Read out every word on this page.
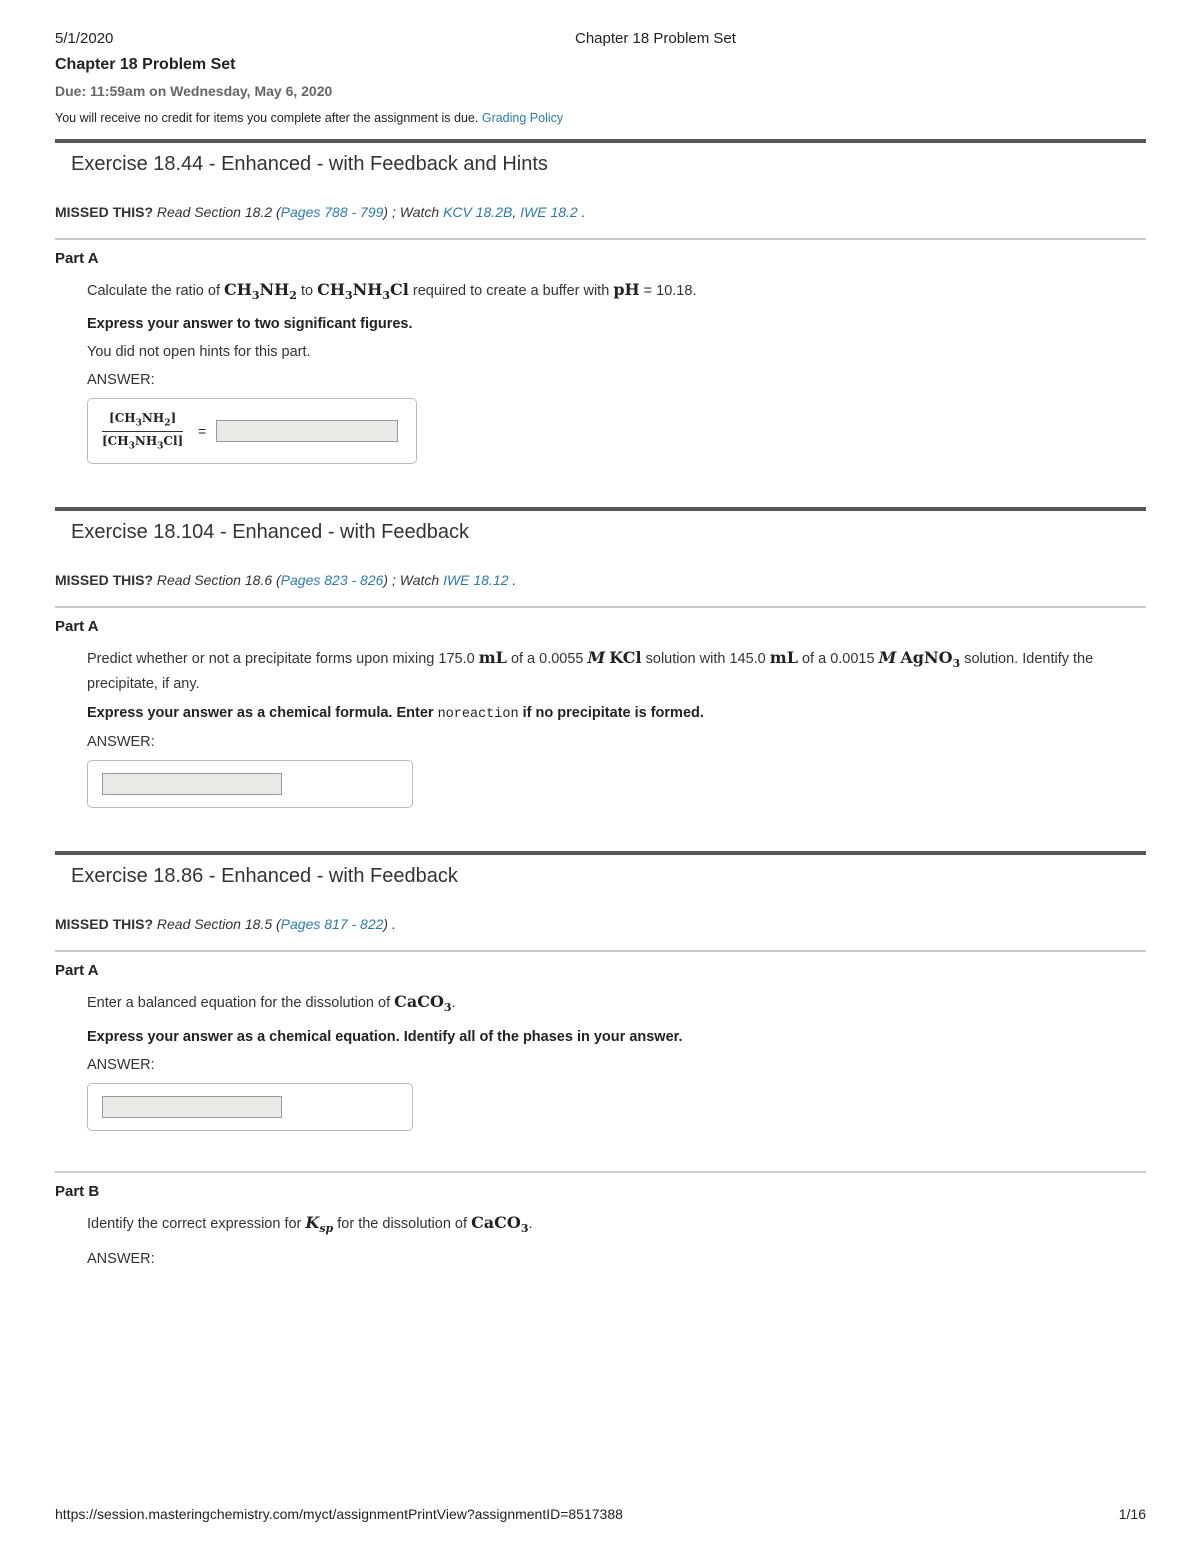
5/1/2020	Chapter 18 Problem Set
Chapter 18 Problem Set
Due: 11:59am on Wednesday, May 6, 2020
You will receive no credit for items you complete after the assignment is due. Grading Policy
Exercise 18.44 - Enhanced - with Feedback and Hints
MISSED THIS? Read Section 18.2 (Pages 788 - 799) ; Watch KCV 18.2B, IWE 18.2 .
Part A
Calculate the ratio of $CH_3NH_2$ to $CH_3NH_3Cl$ required to create a buffer with pH = 10.18.
Express your answer to two significant figures.
You did not open hints for this part.
ANSWER:
$\frac{[CH_3NH_2]}{[CH_3NH_3Cl]}$ =
Exercise 18.104 - Enhanced - with Feedback
MISSED THIS? Read Section 18.6 (Pages 823 - 826) ; Watch IWE 18.12 .
Part A
Predict whether or not a precipitate forms upon mixing 175.0 mL of a 0.0055 M KCl solution with 145.0 mL of a 0.0015 M AgNO$_3$ solution. Identify the precipitate, if any.
Express your answer as a chemical formula. Enter noreaction if no precipitate is formed.
ANSWER:
Exercise 18.86 - Enhanced - with Feedback
MISSED THIS? Read Section 18.5 (Pages 817 - 822) .
Part A
Enter a balanced equation for the dissolution of CaCO$_3$.
Express your answer as a chemical equation. Identify all of the phases in your answer.
ANSWER:
Part B
Identify the correct expression for $K_{sp}$ for the dissolution of CaCO$_3$.
ANSWER:
https://session.masteringchemistry.com/myct/assignmentPrintView?assignmentID=8517388	1/16
